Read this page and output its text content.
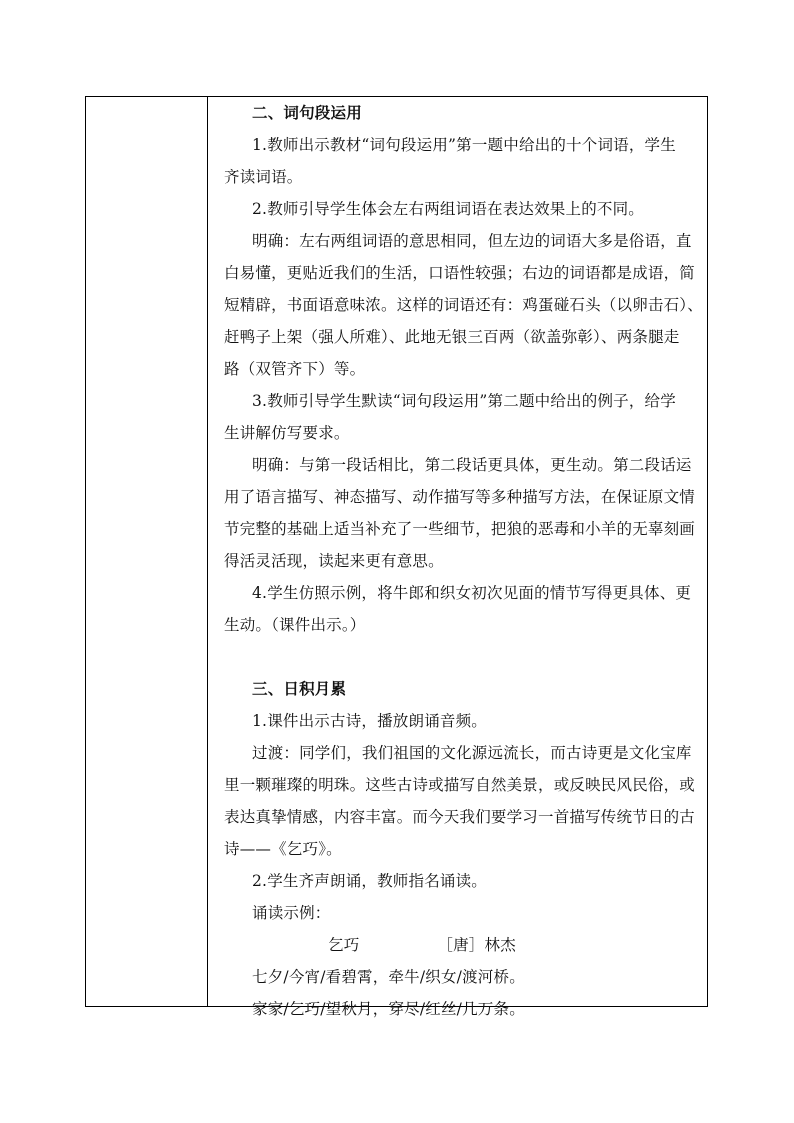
二、词句段运用
1.教师出示教材“词句段运用”第一题中给出的十个词语，学生
齐读词语。
2.教师引导学生体会左右两组词语在表达效果上的不同。
明确：左右两组词语的意思相同，但左边的词语大多是俗语，直
白易懂，更贴近我们的生活，口语性较强；右边的词语都是成语，简
短精辟，书面语意味浓。这样的词语还有：鸡蛋碰石头（以卵击石）、
赶鸭子上架（强人所难）、此地无银三百两（欲盖弥彰）、两条腿走
路（双管齐下）等。
3.教师引导学生默读“词句段运用”第二题中给出的例子，给学
生讲解仿写要求。
明确：与第一段话相比，第二段话更具体，更生动。第二段话运
用了语言描写、神态描写、动作描写等多种描写方法，在保证原文情
节完整的基础上适当补充了一些细节，把狼的恶毒和小羊的无辜刻画
得活灵活现，读起来更有意思。
4.学生仿照示例，将牛郎和织女初次见面的情节写得更具体、更
生动。（课件出示。）
三、日积月累
1.课件出示古诗，播放朗诵音频。
过渡：同学们，我们祖国的文化源远流长，而古诗更是文化宝库
里一颗璀璨的明珠。这些古诗或描写自然美景，或反映民风民俗，或
表达真挚情感，内容丰富。而今天我们要学习一首描写传统节日的古
诗——《乞巧》。
2.学生齐声朗诵，教师指名诵读。
诵读示例：
乞巧	［唐］林杰
七夕/今宵/看碧霄，牵牛/织女/渡河桥。
家家/乞巧/望秋月，穿尽/红丝/几万条。
